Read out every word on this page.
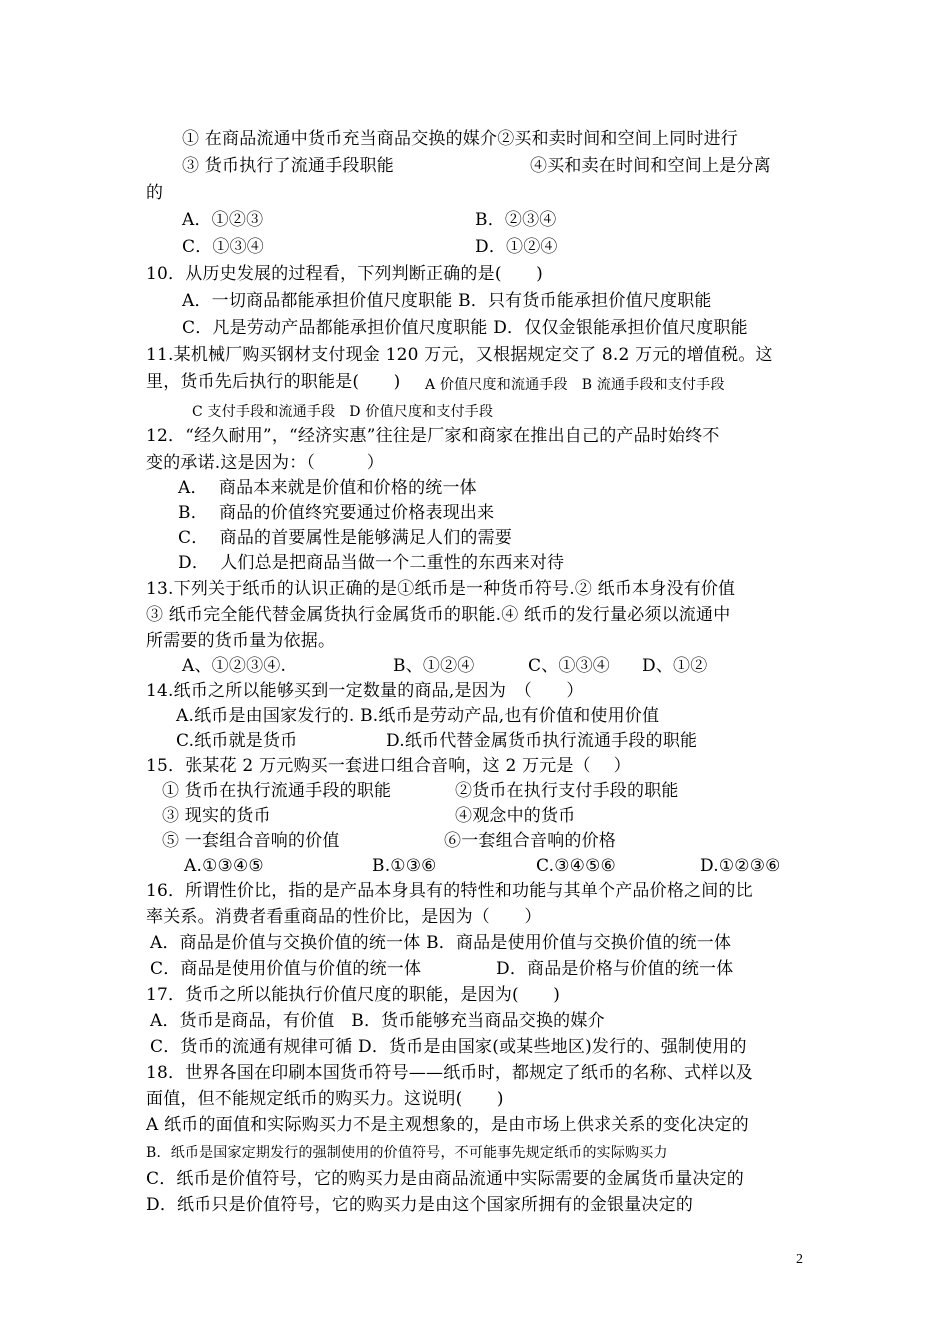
① 在商品流通中货币充当商品交换的媒介②买和卖时间和空间上同时进行
③ 货币执行了流通手段职能	④买和卖在时间和空间上是分离
的
A．①②③	B．②③④
C．①③④	D．①②④
10．从历史发展的过程看，下列判断正确的是(　　)
A．一切商品都能承担价值尺度职能 B．只有货币能承担价值尺度职能
C．凡是劳动产品都能承担价值尺度职能 D．仅仅金银能承担价值尺度职能
11.某机械厂购买钢材支付现金 120 万元，又根据规定交了 8.2 万元的增值税。这
里，货币先后执行的职能是(　　) A 价值尺度和流通手段   B 流通手段和支付手段
C 支付手段和流通手段   D 价值尺度和支付手段
12．“经久耐用”，“经济实惠”往往是厂家和商家在推出自己的产品时始终不
变的承诺.这是因为：（　　　）
A．  商品本来就是价值和价格的统一体
B．  商品的价值终究要通过价格表现出来
C．  商品的首要属性是能够满足人们的需要
D．  人们总是把商品当做一个二重性的东西来对待
13.下列关于纸币的认识正确的是①纸币是一种货币符号.② 纸币本身没有价值
③ 纸币完全能代替金属货执行金属货币的职能.④ 纸币的发行量必须以流通中
所需要的货币量为依据。
A、①②③④.	B、①②④	C、①③④ D、①②
14.纸币之所以能够买到一定数量的商品,是因为　（　　）
A.纸币是由国家发行的. B.纸币是劳动产品,也有价值和使用价值
C.纸币就是货币	D.纸币代替金属货币执行流通手段的职能
15．张某花 2 万元购买一套进口组合音响，这 2 万元是（　 ）
① 货币在执行流通手段的职能	②货币在执行支付手段的职能
③ 现实的货币	④观念中的货币
⑤ 一套组合音响的价值	⑥一套组合音响的价格
A.①③④⑤	B.①③⑥	C.③④⑤⑥	D.①②③⑥
16．所谓性价比，指的是产品本身具有的特性和功能与其单个产品价格之间的比
率关系。消费者看重商品的性价比，是因为（　　）
A．商品是价值与交换价值的统一体 B．商品是使用价值与交换价值的统一体
C．商品是使用价值与价值的统一体	D．商品是价格与价值的统一体
17．货币之所以能执行价值尺度的职能，是因为(　　)
A．货币是商品，有价值   B．货币能够充当商品交换的媒介
C．货币的流通有规律可循 D．货币是由国家(或某些地区)发行的、强制使用的
18．世界各国在印刷本国货币符号——纸币时，都规定了纸币的名称、式样以及
面值，但不能规定纸币的购买力。这说明(　　)
A 纸币的面值和实际购买力不是主观想象的，是由市场上供求关系的变化决定的
B．纸币是国家定期发行的强制使用的价值符号，不可能事先规定纸币的实际购买力
C．纸币是价值符号，它的购买力是由商品流通中实际需要的金属货币量决定的
D．纸币只是价值符号，它的购买力是由这个国家所拥有的金银量决定的
2
